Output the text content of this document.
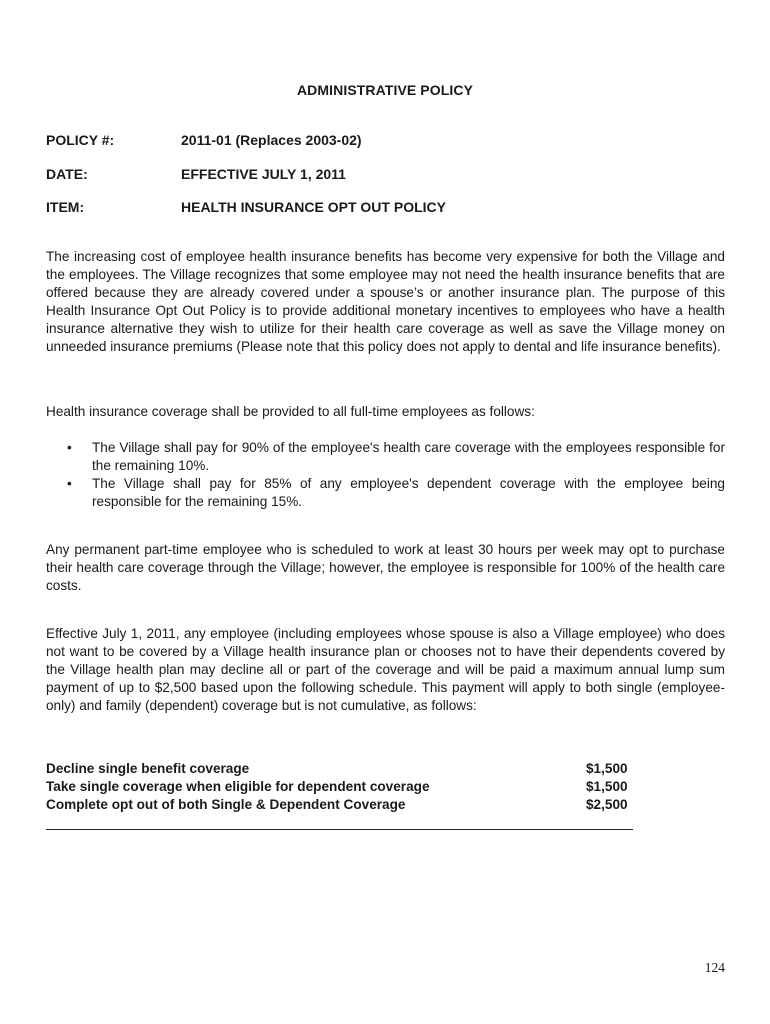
ADMINISTRATIVE POLICY
POLICY #:	2011-01 (Replaces 2003-02)
DATE:	EFFECTIVE JULY 1, 2011
ITEM:	HEALTH INSURANCE OPT OUT POLICY

The increasing cost of employee health insurance benefits has become very expensive for both the Village and the employees. The Village recognizes that some employee may not need the health insurance benefits that are offered because they are already covered under a spouse’s or another insurance plan. The purpose of this Health Insurance Opt Out Policy is to provide additional monetary incentives to employees who have a health insurance alternative they wish to utilize for their health care coverage as well as save the Village money on unneeded insurance premiums (Please note that this policy does not apply to dental and life insurance benefits).

Health insurance coverage shall be provided to all full-time employees as follows:

• The Village shall pay for 90% of the employee's health care coverage with the employees responsible for the remaining 10%.
• The Village shall pay for 85% of any employee's dependent coverage with the employee being responsible for the remaining 15%.

Any permanent part-time employee who is scheduled to work at least 30 hours per week may opt to purchase their health care coverage through the Village; however, the employee is responsible for 100% of the health care costs.

Effective July 1, 2011, any employee (including employees whose spouse is also a Village employee) who does not want to be covered by a Village health insurance plan or chooses not to have their dependents covered by the Village health plan may decline all or part of the coverage and will be paid a maximum annual lump sum payment of up to $2,500 based upon the following schedule. This payment will apply to both single (employee-only) and family (dependent) coverage but is not cumulative, as follows:

Decline single benefit coverage	$1,500
Take single coverage when eligible for dependent coverage	$1,500
Complete opt out of both Single & Dependent Coverage	$2,500
124
